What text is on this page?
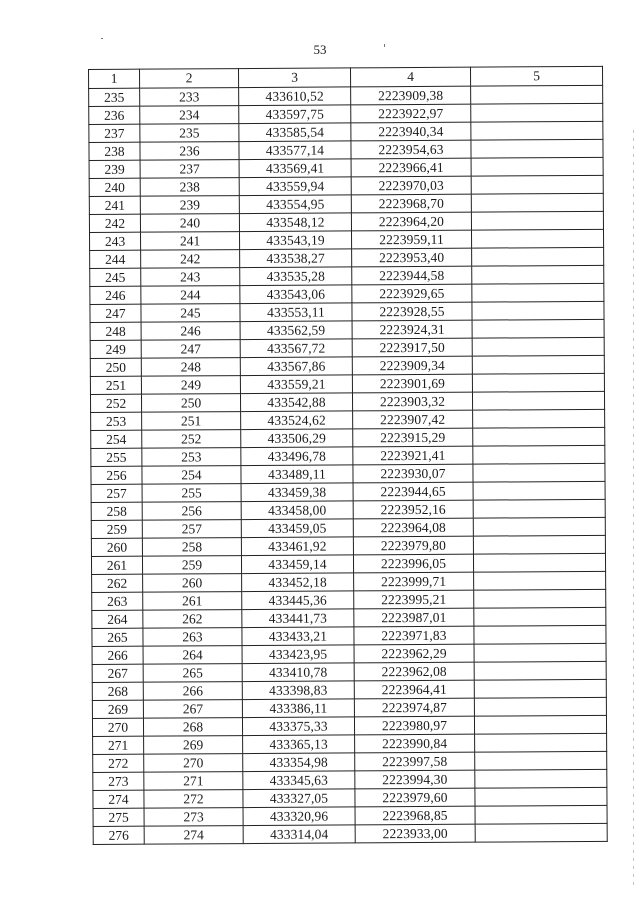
53
1	2	3	4	5
235	233	433610,52	2223909,38	
236	234	433597,75	2223922,97	
237	235	433585,54	2223940,34	
238	236	433577,14	2223954,63	
239	237	433569,41	2223966,41	
240	238	433559,94	2223970,03	
241	239	433554,95	2223968,70	
242	240	433548,12	2223964,20	
243	241	433543,19	2223959,11	
244	242	433538,27	2223953,40	
245	243	433535,28	2223944,58	
246	244	433543,06	2223929,65	
247	245	433553,11	2223928,55	
248	246	433562,59	2223924,31	
249	247	433567,72	2223917,50	
250	248	433567,86	2223909,34	
251	249	433559,21	2223901,69	
252	250	433542,88	2223903,32	
253	251	433524,62	2223907,42	
254	252	433506,29	2223915,29	
255	253	433496,78	2223921,41	
256	254	433489,11	2223930,07	
257	255	433459,38	2223944,65	
258	256	433458,00	2223952,16	
259	257	433459,05	2223964,08	
260	258	433461,92	2223979,80	
261	259	433459,14	2223996,05	
262	260	433452,18	2223999,71	
263	261	433445,36	2223995,21	
264	262	433441,73	2223987,01	
265	263	433433,21	2223971,83	
266	264	433423,95	2223962,29	
267	265	433410,78	2223962,08	
268	266	433398,83	2223964,41	
269	267	433386,11	2223974,87	
270	268	433375,33	2223980,97	
271	269	433365,13	2223990,84	
272	270	433354,98	2223997,58	
273	271	433345,63	2223994,30	
274	272	433327,05	2223979,60	
275	273	433320,96	2223968,85	
276	274	433314,04	2223933,00	
